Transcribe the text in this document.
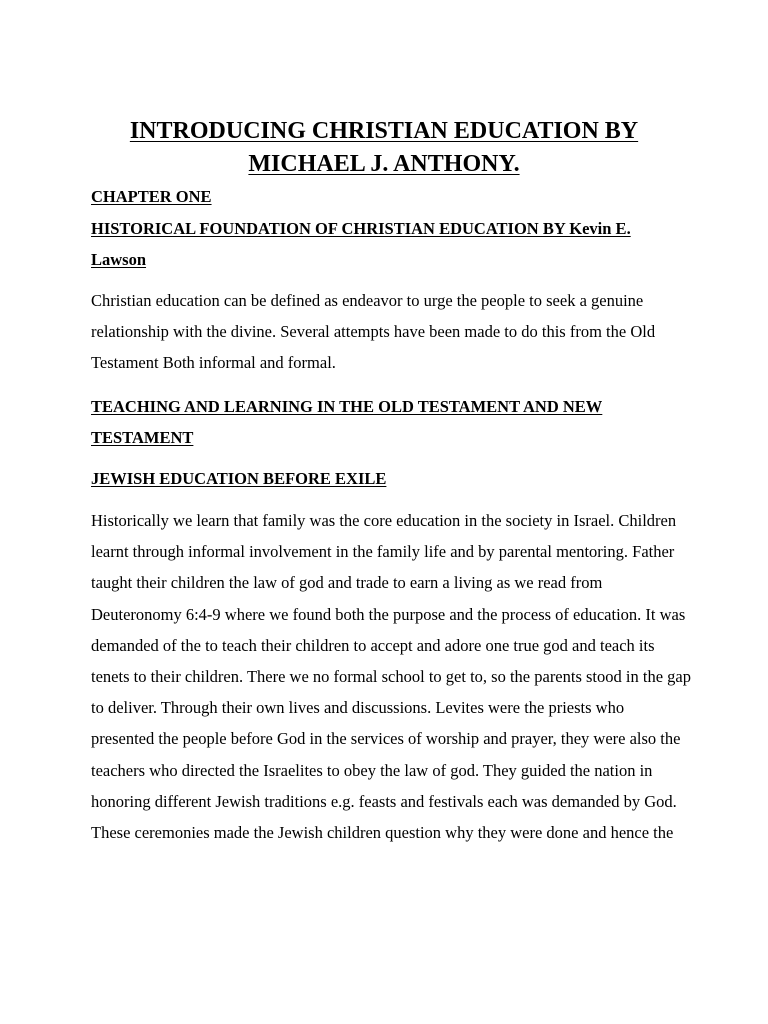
INTRODUCING CHRISTIAN EDUCATION BY MICHAEL J. ANTHONY.

CHAPTER ONE

HISTORICAL FOUNDATION OF CHRISTIAN EDUCATION BY Kevin E. Lawson

Christian education can be defined as endeavor to urge the people to seek a genuine relationship with the divine. Several attempts have been made to do this from the Old Testament Both informal and formal.

TEACHING AND LEARNING IN THE OLD TESTAMENT AND NEW TESTAMENT

JEWISH EDUCATION BEFORE EXILE

Historically we learn that family was the core education in the society in Israel. Children learnt through informal involvement in the family life and by parental mentoring. Father taught their children the law of god and trade to earn a living as we read from Deuteronomy 6:4-9 where we found both the purpose and the process of education. It was demanded of the to teach their children to accept and adore one true god and teach its tenets to their children. There we no formal school to get to, so the parents stood in the gap to deliver. Through their own lives and discussions. Levites were the priests who presented the people before God in the services of worship and prayer, they were also the teachers who directed the Israelites to obey the law of god. They guided the nation in honoring different Jewish traditions e.g. feasts and festivals each was demanded by God. These ceremonies made the Jewish children question why they were done and hence the
